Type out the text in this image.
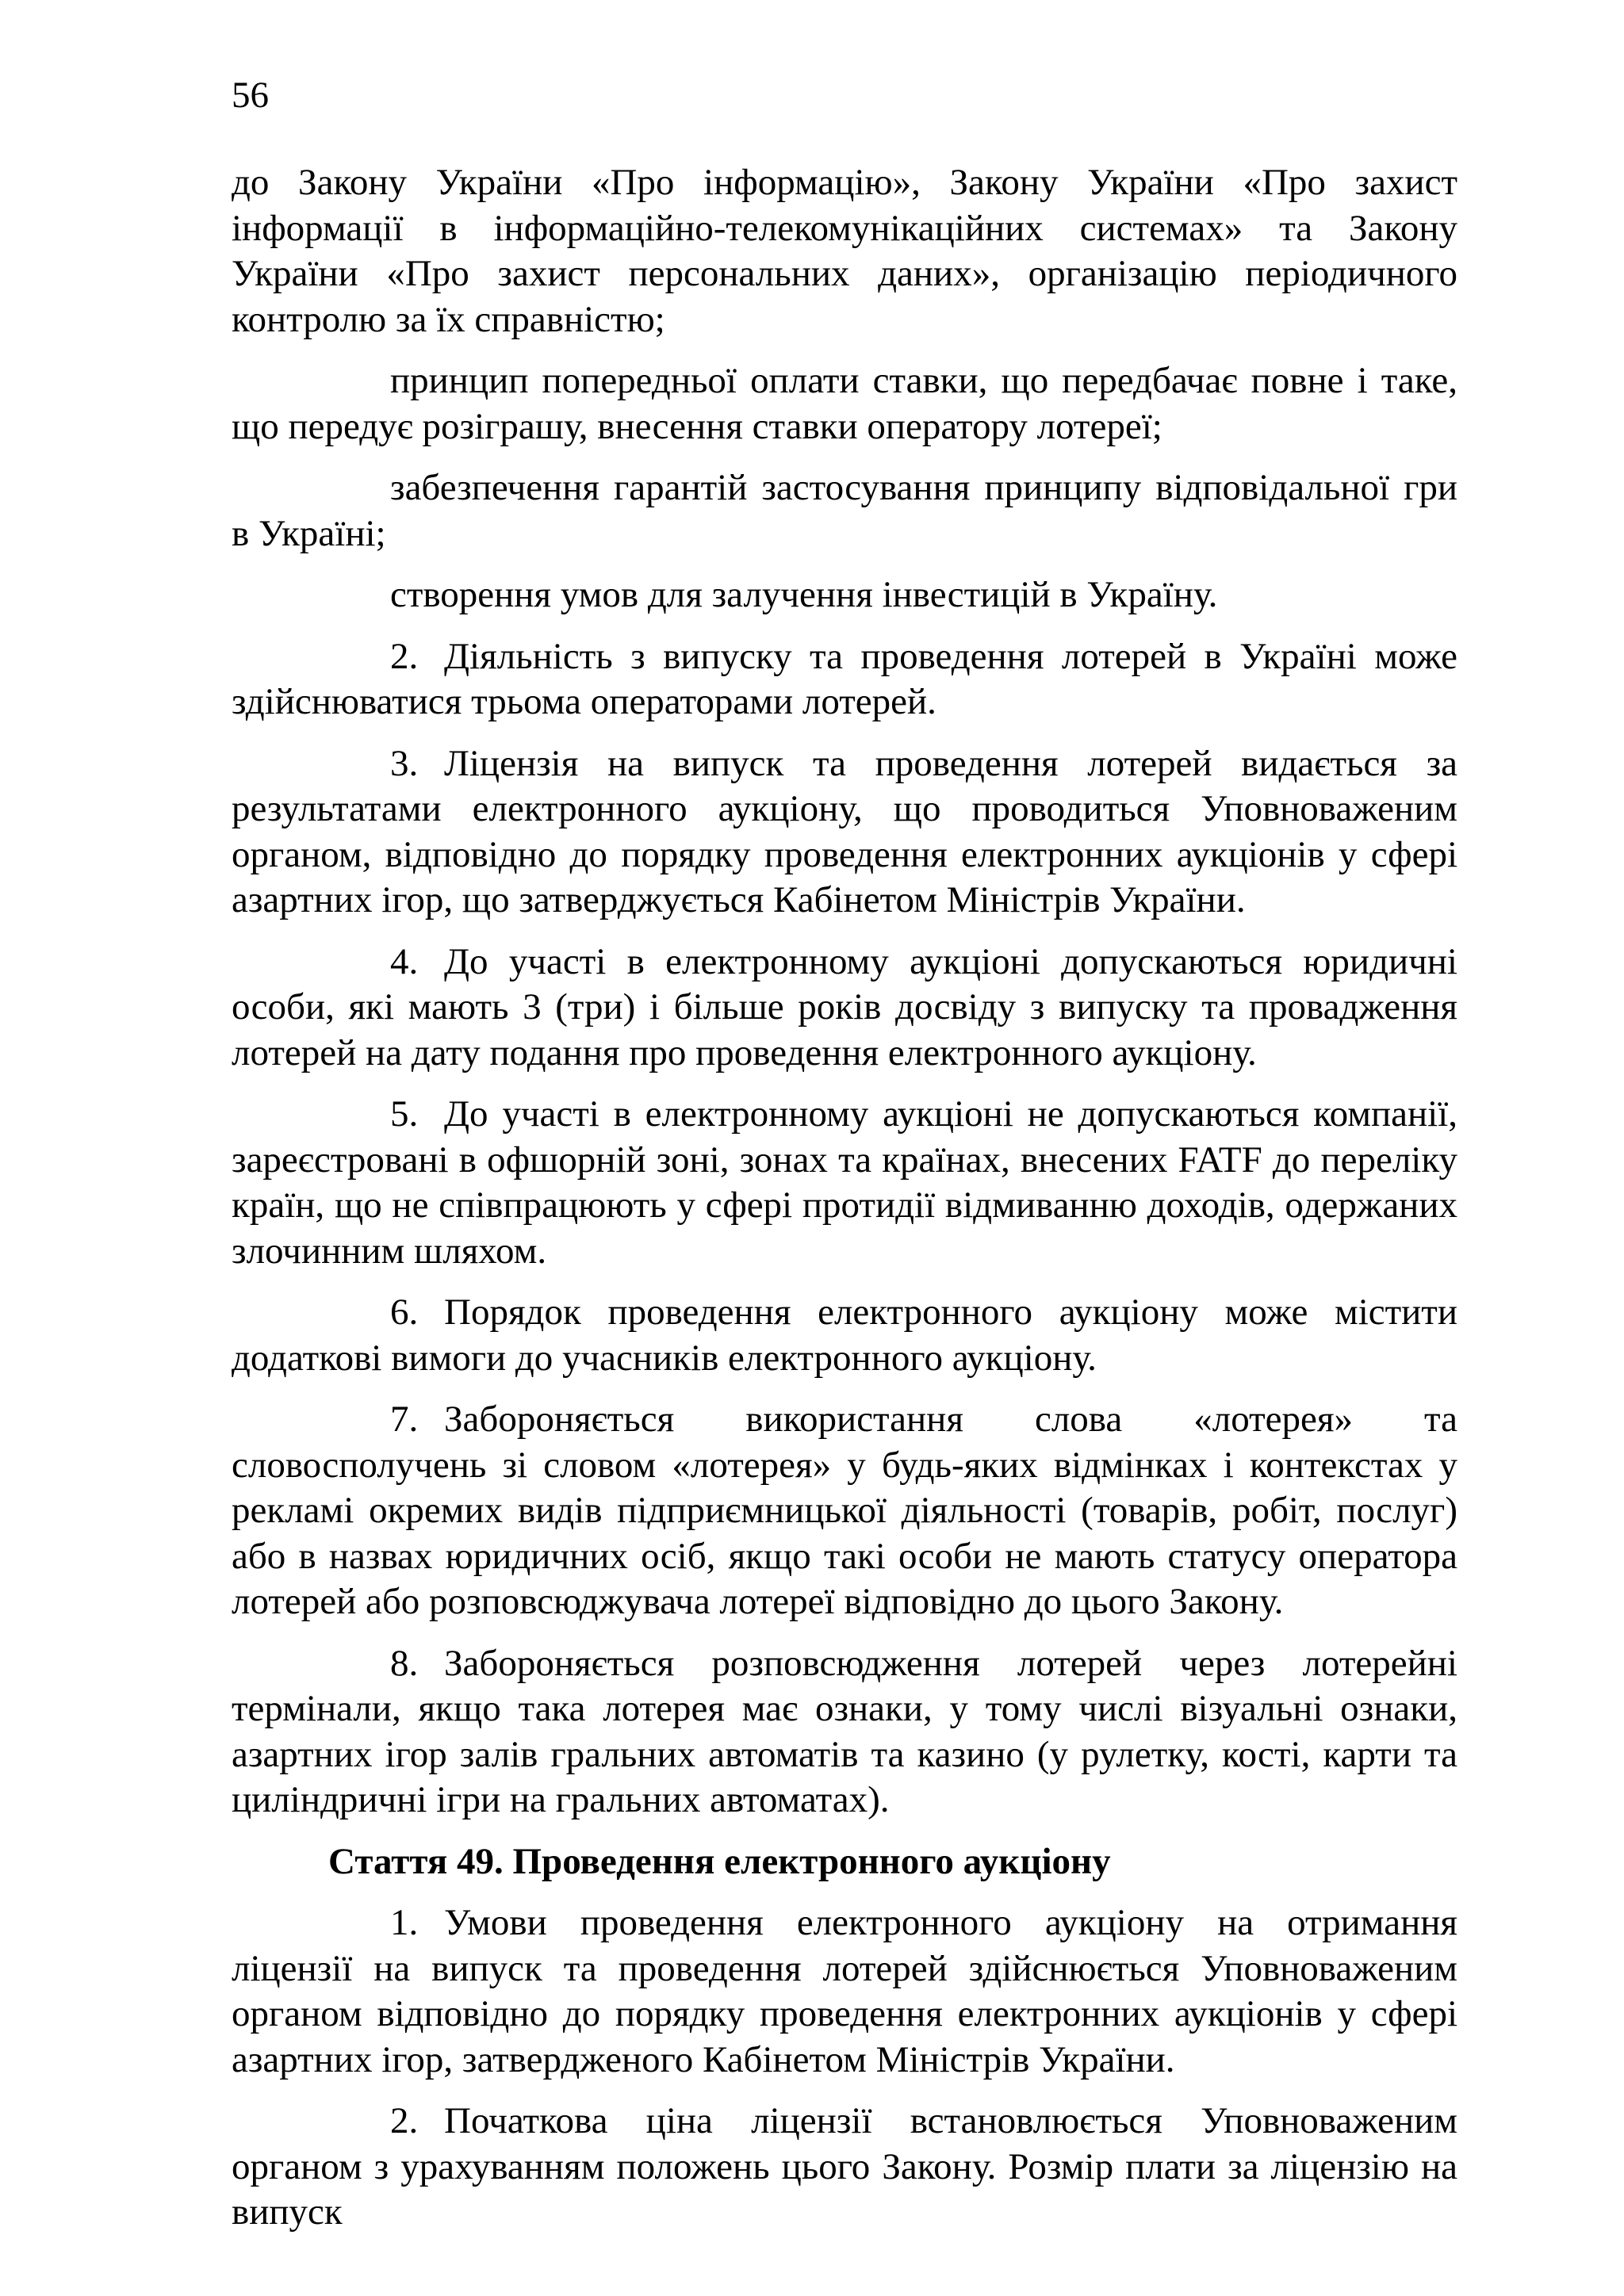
56

до Закону України «Про інформацію», Закону України «Про захист інформації в інформаційно-телекомунікаційних системах» та Закону України «Про захист персональних даних», організацію періодичного контролю за їх справністю;

принцип попередньої оплати ставки, що передбачає повне і таке, що передує розіграшу, внесення ставки оператору лотереї;

забезпечення гарантій застосування принципу відповідальної гри в Україні;

створення умов для залучення інвестицій в Україну.

2. Діяльність з випуску та проведення лотерей в Україні може здійснюватися трьома операторами лотерей.

3. Ліцензія на випуск та проведення лотерей видається за результатами електронного аукціону, що проводиться Уповноваженим органом, відповідно до порядку проведення електронних аукціонів у сфері азартних ігор, що затверджується Кабінетом Міністрів України.

4. До участі в електронному аукціоні допускаються юридичні особи, які мають 3 (три) і більше років досвіду з випуску та провадження лотерей на дату подання про проведення електронного аукціону.

5. До участі в електронному аукціоні не допускаються компанії, зареєстровані в офшорній зоні, зонах та країнах, внесених FATF до переліку країн, що не співпрацюють у сфері протидії відмиванню доходів, одержаних злочинним шляхом.

6. Порядок проведення електронного аукціону може містити додаткові вимоги до учасників електронного аукціону.

7. Забороняється використання слова «лотерея» та словосполучень зі словом «лотерея» у будь-яких відмінках і контекстах у рекламі окремих видів підприємницької діяльності (товарів, робіт, послуг) або в назвах юридичних осіб, якщо такі особи не мають статусу оператора лотерей або розповсюджувача лотереї відповідно до цього Закону.

8. Забороняється розповсюдження лотерей через лотерейні термінали, якщо така лотерея має ознаки, у тому числі візуальні ознаки, азартних ігор залів гральних автоматів та казино (у рулетку, кості, карти та циліндричні ігри на гральних автоматах).

Стаття 49. Проведення електронного аукціону

1. Умови проведення електронного аукціону на отримання ліцензії на випуск та проведення лотерей здійснюється Уповноваженим органом відповідно до порядку проведення електронних аукціонів у сфері азартних ігор, затвердженого Кабінетом Міністрів України.

2. Початкова ціна ліцензії встановлюється Уповноваженим органом з урахуванням положень цього Закону. Розмір плати за ліцензію на випуск
